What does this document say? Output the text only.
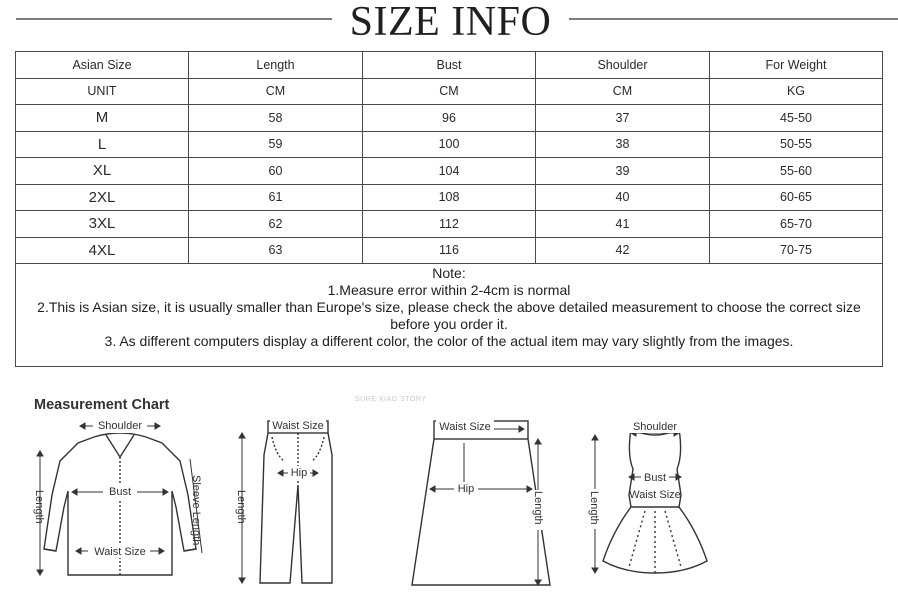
SIZE INFO
Asian Size	Length	Bust	Shoulder	For Weight
UNIT	CM	CM	CM	KG
M	58	96	37	45-50
L	59	100	38	50-55
XL	60	104	39	55-60
2XL	61	108	40	60-65
3XL	62	112	41	65-70
4XL	63	116	42	70-75

Note:
1.Measure error within 2-4cm is normal
2.This is Asian size, it is usually smaller than Europe's size, please check the above detailed measurement to choose the correct size before you order it.
3. As different computers display a different color, the color of the actual item may vary slightly from the images.				
Measurement Chart	SURE XIAO STORY
Shoulder
Bust
Waist Size
Sleeve Length
Length
Waist Size
Hip
Length
Waist Size
Hip
Length
Shoulder
Bust
Waist Size
Length
